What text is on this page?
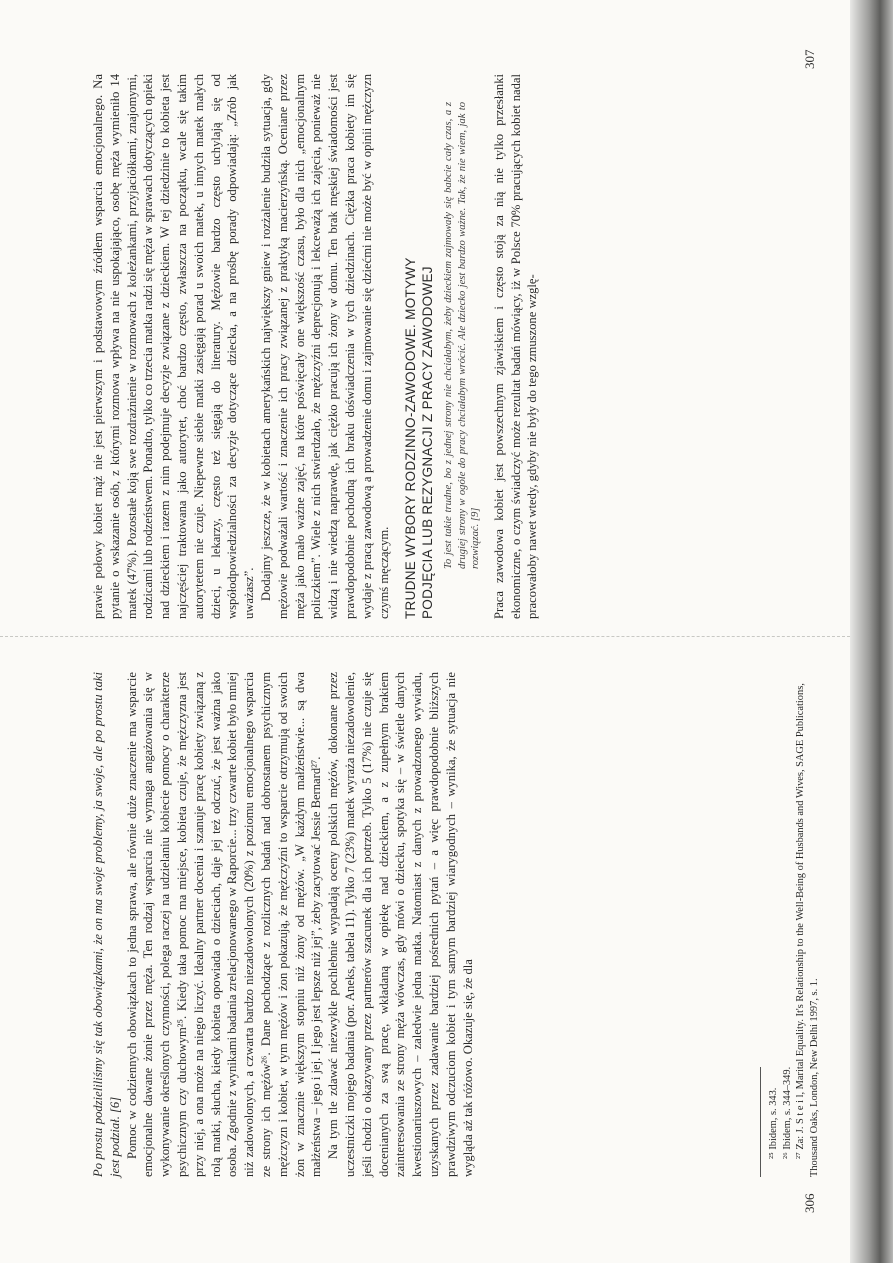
Po prostu podzieliliśmy się tak obowiązkami, że on ma swoje problemy, ja swoje, ale po prostu taki jest podział. [6] Pomoc w codziennych obowiązkach to jedna sprawa, ale równie duże znaczenie ma wsparcie emocjonalne dawane żonie przez męża. Ten rodzaj wsparcia nie wymaga angażowania się w wykonywanie określonych czynności, polega raczej na udzielaniu kobiecie pomocy o charakterze psychicznym czy duchowym²⁵. Kiedy taka pomoc ma miejsce, kobieta czuje, że mężczyzna jest przy niej, a ona może na niego liczyć. Idealny partner docenia i szanuje pracę kobiety związaną z rolą matki, słucha, kiedy kobieta opowiada o dzieciach, daje jej też odczuć, że jest ważna jako osoba. Zgodnie z wynikami badania zrelacjonowanego w Raporcie... trzy czwarte kobiet było mniej niż zadowolonych, a czwarta bardzo niezadowolonych (20%) z poziomu emocjonalnego wsparcia ze strony ich mężów²⁶. Dane pochodzące z rozlicznych badań nad dobrostanem psychicznym mężczyzn i kobiet, w tym mężów i żon pokazują, że mężczyźni to wsparcie otrzymują od swoich żon w znacznie większym stopniu niż żony od mężów. „W każdym małżeństwie... są dwa małżeństwa – jego i jej. I jego jest lepsze niż jej”, żeby zacytować Jessie Bernard²⁷. Na tym tle zdawać niezwykle pochlebnie wypadają oceny polskich mężów, dokonane przez uczestniczki mojego badania (por. Aneks, tabela 11). Tylko 7 (23%) matek wyraża niezadowolenie, jeśli chodzi o okazywany przez partnerów szacunek dla ich potrzeb. Tylko 5 (17%) nie czuje się docenianych za swą pracę, wkładaną w opiekę nad dzieckiem, a z zupełnym brakiem zainteresowania ze strony męża wówczas, gdy mówi o dziecku, spotyka się – w świetle danych kwestionariuszowych – zaledwie jedna matka. Natomiast z danych z prowadzonego wywiadu, uzyskanych przez zadawanie bardziej pośrednich pytań – a więc prawdopodobnie bliższych prawdziwym odczuciom kobiet i tym samym bardziej wiarygodnych – wynika, że sytuacja nie wygląda aż tak różowo. Okazuje się, że dla	²⁵ Ibidem, s. 343. ²⁶ Ibidem, s. 344–349. ²⁷ Za: J. S t e i l, Marital Equality. It's Relationship to the Well-Being of Husbands and Wives, SAGE Publications, Thousand Oaks, London, New Delhi 1997, s. 1.

306

prawie połowy kobiet mąż nie jest pierwszym i podstawowym źródłem wsparcia emocjonalnego. Na pytanie o wskazanie osób, z którymi rozmowa wpływa na nie uspokajająco, osobę męża wymieniło 14 matek (47%). Pozostałe koją swe rozdrażnienie w rozmowach z koleżankami, przyjaciółkami, znajomymi, rodzicami lub rodzeństwem. Ponadto, tylko co trzecia matka radzi się męża w sprawach dotyczących opieki nad dzieckiem i razem z nim podejmuje decyzje związane z dzieckiem. W tej dziedzinie to kobieta jest najczęściej traktowana jako autorytet, choć bardzo często, zwłaszcza na początku, wcale się takim autorytetem nie czuje. Niepewne siebie matki zasięgają porad u swoich matek, u innych matek małych dzieci, u lekarzy, często też sięgają do literatury. Mężowie bardzo często uchylają się od współodpowiedzialności za decyzje dotyczące dziecka, a na prośbę porady odpowiadają: „Zrób jak uważasz”. Dodajmy jeszcze, że w kobietach amerykańskich największy gniew i rozżalenie budziła sytuacja, gdy mężowie podważali wartość i znaczenie ich pracy związanej z praktyką macierzyńską. Oceniane przez męża jako mało ważne zajęć, na które poświęcały one większość czasu, było dla nich „emocjonalnym policzkiem”. Wiele z nich stwierdzało, że mężczyźni deprecjonują i lekceważą ich zajęcia, ponieważ nie widzą i nie wiedzą naprawdę, jak ciężko pracują ich żony w domu. Ten brak męskiej świadomości jest prawdopodobnie pochodną ich braku doświadczenia w tych dziedzinach. Ciężka praca kobiety im się wydaje z pracą zawodową a prowadzenie domu i zajmowanie się dziećmi nie może być w opinii mężczyzn czymś męczącym. TRUDNE WYBORY RODZINNO-ZAWODOWE. MOTYWY PODJĘCIA LUB REZYGNACJI Z PRACY ZAWODOWEJ To jest takie trudne, bo z jednej strony nie chciałabym, żeby dzieckiem zajmowały się babcie cały czas, a z drugiej strony w ogóle do pracy chciałabym wrócić. Ale dziecko jest bardzo ważne. Tak, że nie wiem, jak to rozwiązać. [9] Praca zawodowa kobiet jest powszechnym zjawiskiem i często stoją za nią nie tylko przesłanki ekonomiczne, o czym świadczyć może rezultat badań mówiący, iż w Polsce 70% pracujących kobiet nadal pracowałoby nawet wtedy, gdyby nie były do tego zmuszone wzglę-

307
